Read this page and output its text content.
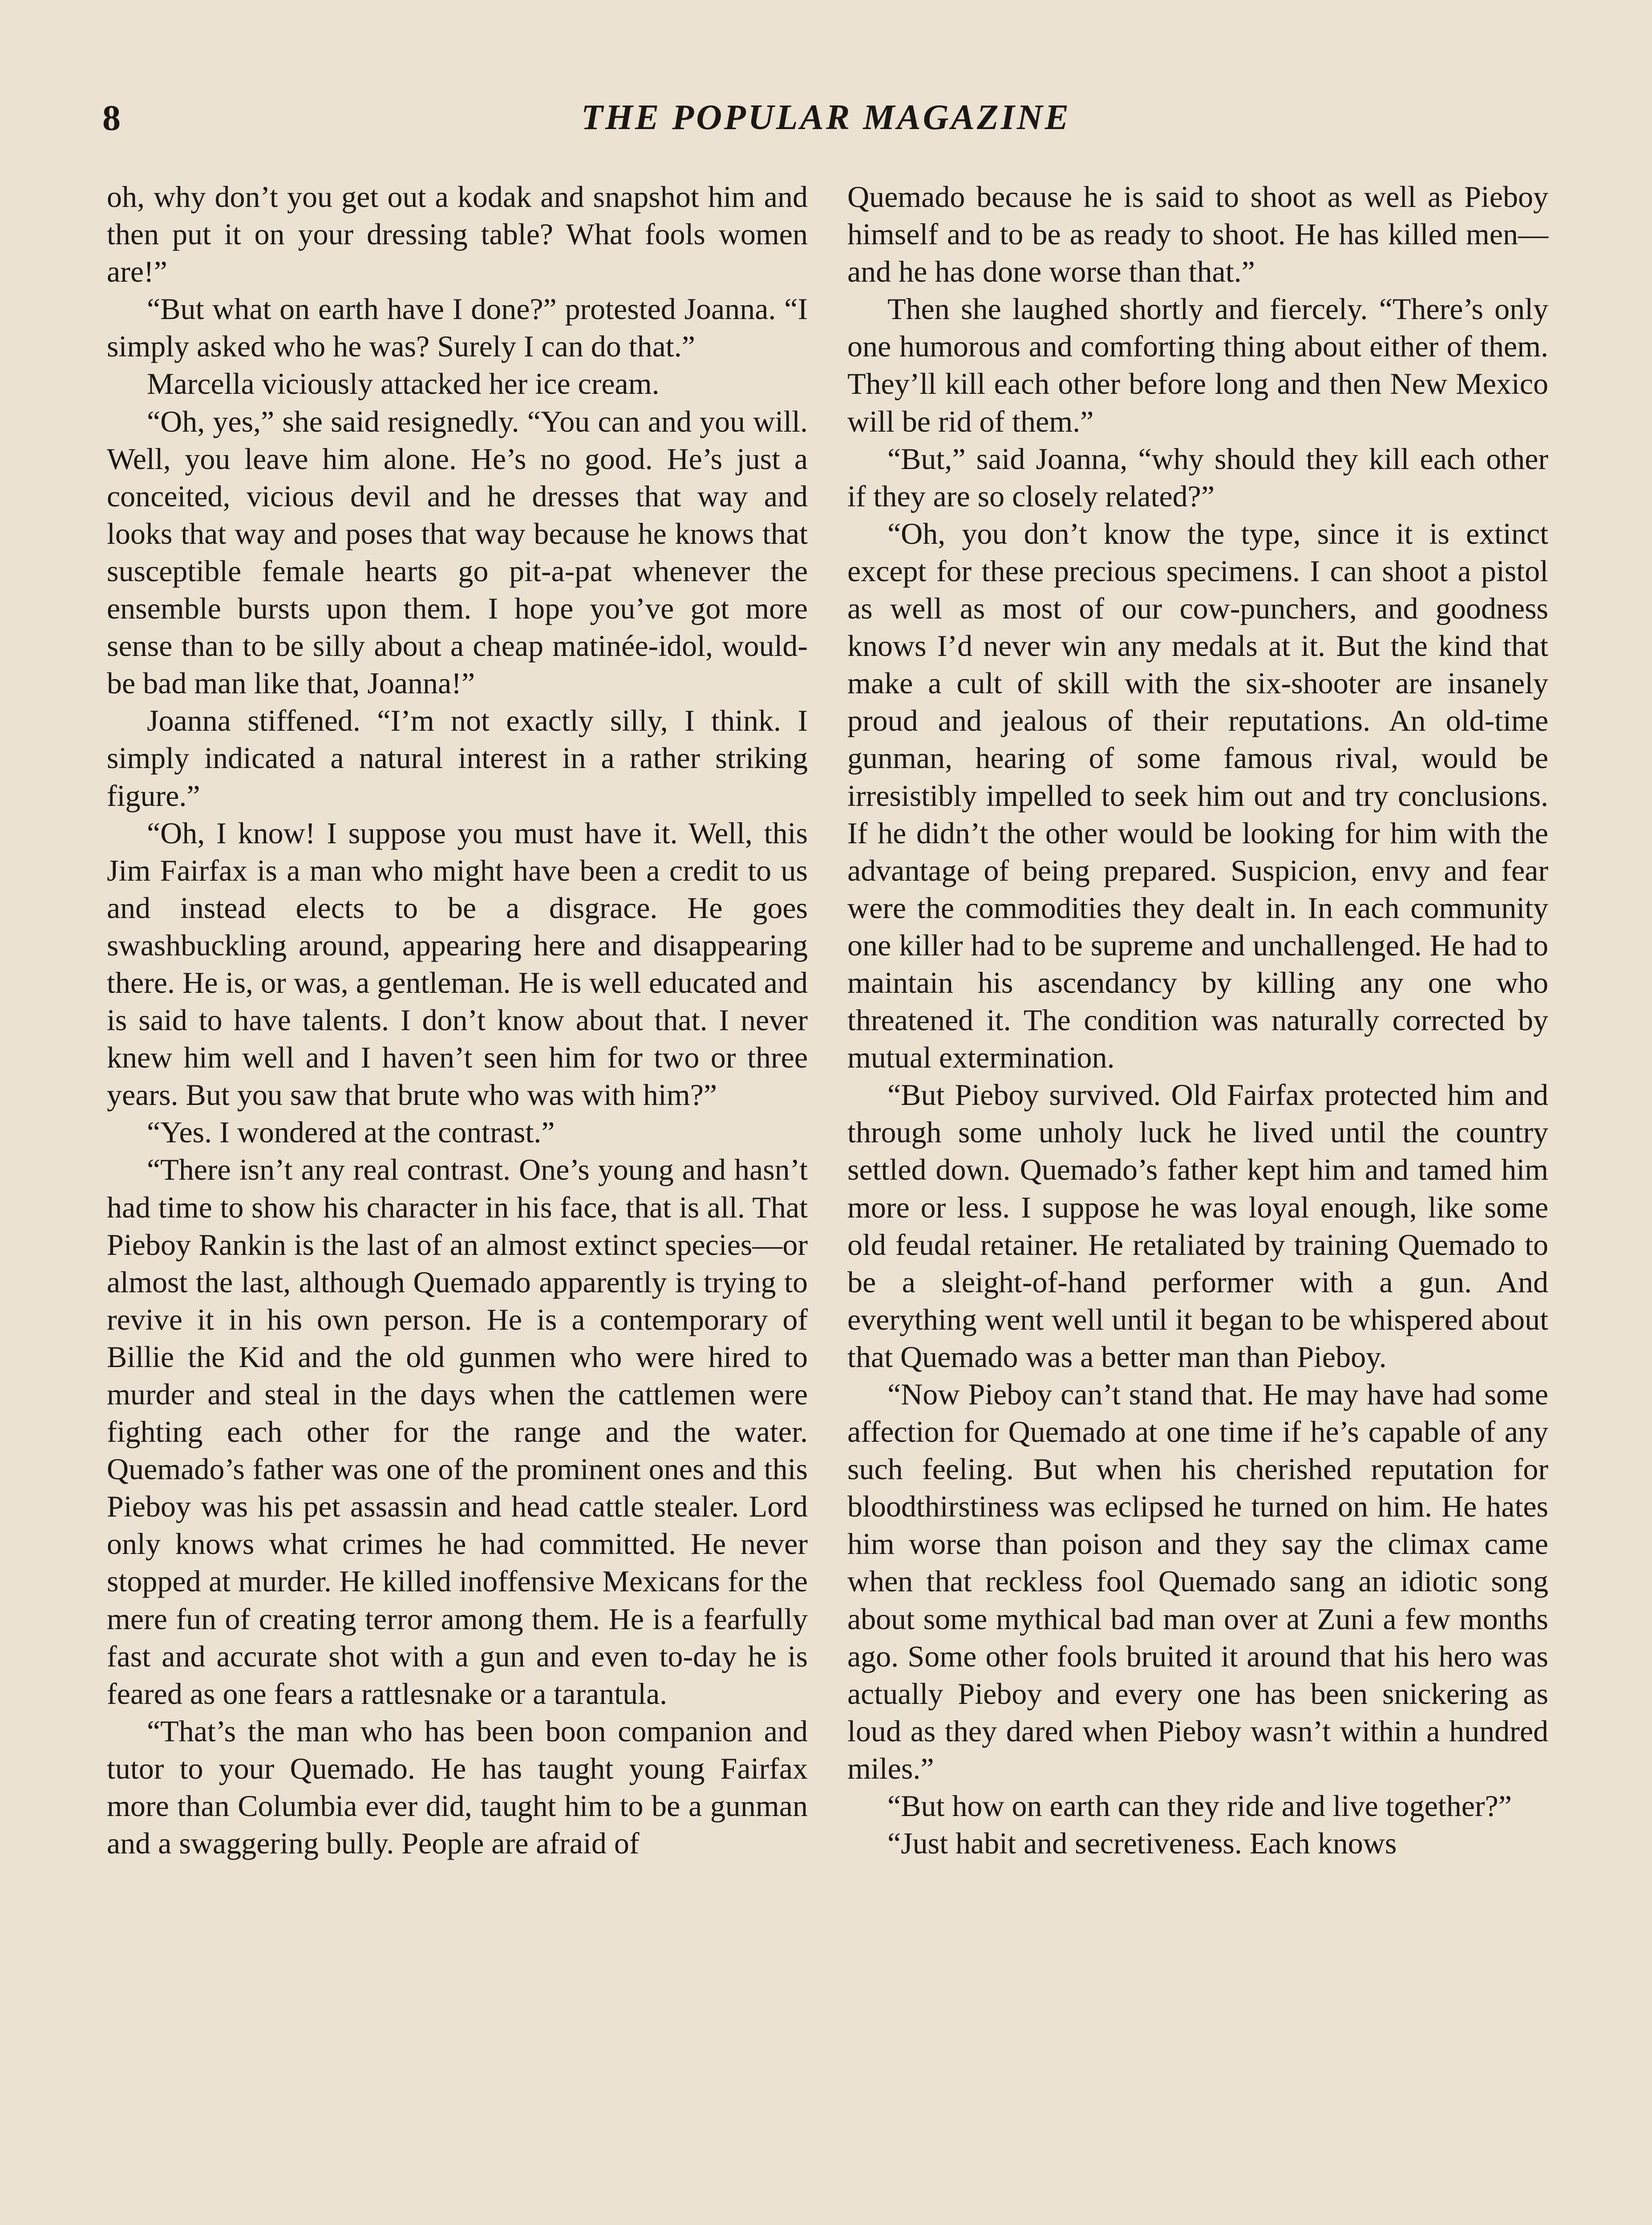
8	THE POPULAR MAGAZINE

oh, why don’t you get out a kodak and snapshot him and then put it on your dressing table? What fools women are!”

“But what on earth have I done?” protested Joanna. “I simply asked who he was? Surely I can do that.”

Marcella viciously attacked her ice cream.

“Oh, yes,” she said resignedly. “You can and you will. Well, you leave him alone. He’s no good. He’s just a conceited, vicious devil and he dresses that way and looks that way and poses that way because he knows that susceptible female hearts go pit-a-pat whenever the ensemble bursts upon them. I hope you’ve got more sense than to be silly about a cheap matinée-idol, would-be bad man like that, Joanna!”

Joanna stiffened. “I’m not exactly silly, I think. I simply indicated a natural interest in a rather striking figure.”

“Oh, I know! I suppose you must have it. Well, this Jim Fairfax is a man who might have been a credit to us and instead elects to be a disgrace. He goes swashbuckling around, appearing here and disappearing there. He is, or was, a gentleman. He is well educated and is said to have talents. I don’t know about that. I never knew him well and I haven’t seen him for two or three years. But you saw that brute who was with him?”

“Yes. I wondered at the contrast.”

“There isn’t any real contrast. One’s young and hasn’t had time to show his character in his face, that is all. That Pieboy Rankin is the last of an almost extinct species—or almost the last, although Quemado apparently is trying to revive it in his own person. He is a contemporary of Billie the Kid and the old gunmen who were hired to murder and steal in the days when the cattlemen were fighting each other for the range and the water. Quemado’s father was one of the prominent ones and this Pieboy was his pet assassin and head cattle stealer. Lord only knows what crimes he had committed. He never stopped at murder. He killed inoffensive Mexicans for the mere fun of creating terror among them. He is a fearfully fast and accurate shot with a gun and even to-day he is feared as one fears a rattlesnake or a tarantula.

“That’s the man who has been boon companion and tutor to your Quemado. He has taught young Fairfax more than Columbia ever did, taught him to be a gunman and a swaggering bully. People are afraid of

Quemado because he is said to shoot as well as Pieboy himself and to be as ready to shoot. He has killed men—and he has done worse than that.”

Then she laughed shortly and fiercely. “There’s only one humorous and comforting thing about either of them. They’ll kill each other before long and then New Mexico will be rid of them.”

“But,” said Joanna, “why should they kill each other if they are so closely related?”

“Oh, you don’t know the type, since it is extinct except for these precious specimens. I can shoot a pistol as well as most of our cow-punchers, and goodness knows I’d never win any medals at it. But the kind that make a cult of skill with the six-shooter are insanely proud and jealous of their reputations. An old-time gunman, hearing of some famous rival, would be irresistibly impelled to seek him out and try conclusions. If he didn’t the other would be looking for him with the advantage of being prepared. Suspicion, envy and fear were the commodities they dealt in. In each community one killer had to be supreme and unchallenged. He had to maintain his ascendancy by killing any one who threatened it. The condition was naturally corrected by mutual extermination.

“But Pieboy survived. Old Fairfax protected him and through some unholy luck he lived until the country settled down. Quemado’s father kept him and tamed him more or less. I suppose he was loyal enough, like some old feudal retainer. He retaliated by training Quemado to be a sleight-of-hand performer with a gun. And everything went well until it began to be whispered about that Quemado was a better man than Pieboy.

“Now Pieboy can’t stand that. He may have had some affection for Quemado at one time if he’s capable of any such feeling. But when his cherished reputation for bloodthirstiness was eclipsed he turned on him. He hates him worse than poison and they say the climax came when that reckless fool Quemado sang an idiotic song about some mythical bad man over at Zuni a few months ago. Some other fools bruited it around that his hero was actually Pieboy and every one has been snickering as loud as they dared when Pieboy wasn’t within a hundred miles.”

“But how on earth can they ride and live together?”

“Just habit and secretiveness. Each knows
